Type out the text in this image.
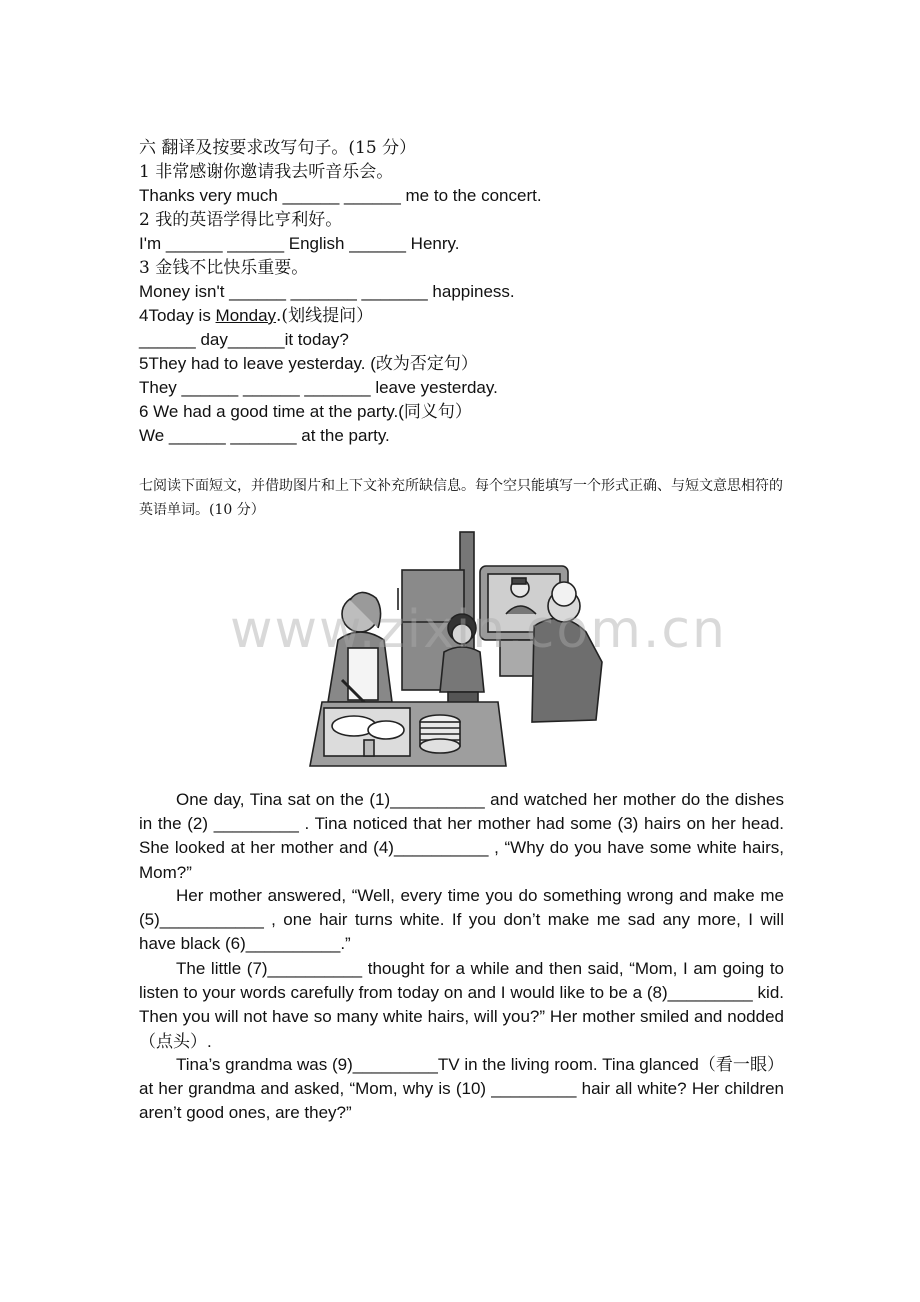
六 翻译及按要求改写句子。(15 分）
1 非常感谢你邀请我去听音乐会。
Thanks very much ______ ______ me to the concert.
2 我的英语学得比亨利好。
I'm ______ ______ English ______ Henry.
3 金钱不比快乐重要。
Money isn't ______ _______ _______ happiness.
4Today is Monday.(划线提问）
______ day______it today?
5They had to leave yesterday. (改为否定句）
They ______ ______ _______ leave yesterday.
6 We had a good time at the party.(同义句）
We ______ _______ at the party.
七阅读下面短文，并借助图片和上下文补充所缺信息。每个空只能填写一个形式正确、与短文意思相符的英语单词。(10 分）
www.zixin.com.cn

One day, Tina sat on the (1)__________ and watched her mother do the dishes in the (2) _________ . Tina noticed that her mother had some (3) hairs on her head. She looked at her mother and (4)__________ , “Why do you have some white hairs, Mom?”

Her mother answered, “Well, every time you do something wrong and make me (5)___________ , one hair turns white. If you don’t make me sad any more, I will have black (6)__________.”

The little (7)__________ thought for a while and then said, “Mom, I am going to listen to your words carefully from today on and I would like to be a (8)_________ kid. Then you will not have so many white hairs, will you?” Her mother smiled and nodded（点头）.

Tina’s grandma was (9)_________TV in the living room. Tina glanced（看一眼）at her grandma and asked, “Mom, why is (10) _________ hair all white? Her children aren’t good ones, are they?”
